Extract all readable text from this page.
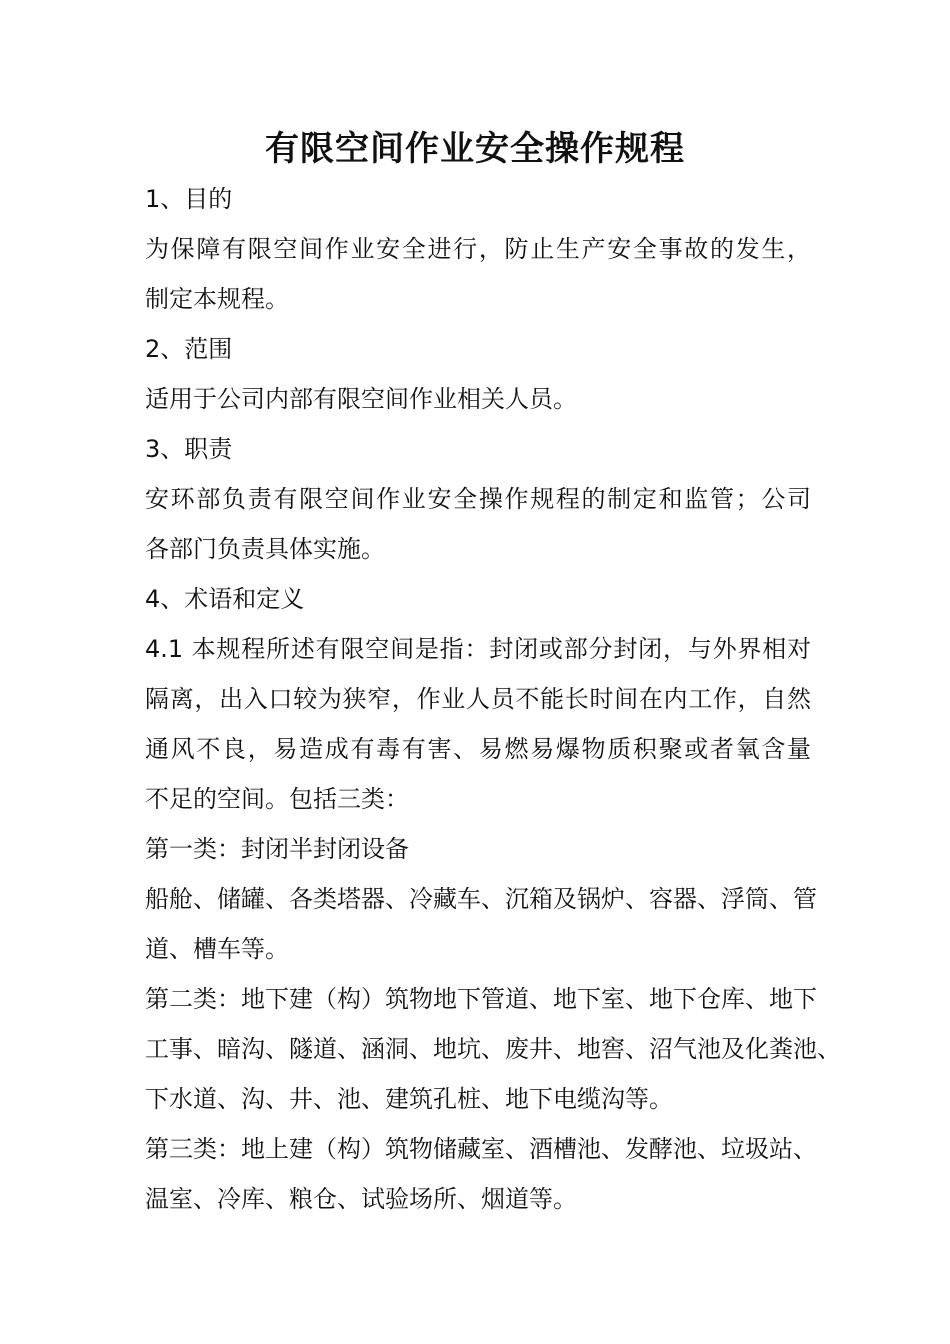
有限空间作业安全操作规程
1、目的
为保障有限空间作业安全进行，防止生产安全事故的发生，
制定本规程。
2、范围
适用于公司内部有限空间作业相关人员。
3、职责
安环部负责有限空间作业安全操作规程的制定和监管；公司
各部门负责具体实施。
4、术语和定义
4.1 本规程所述有限空间是指：封闭或部分封闭，与外界相对
隔离，出入口较为狭窄，作业人员不能长时间在内工作，自然
通风不良，易造成有毒有害、易燃易爆物质积聚或者氧含量
不足的空间。包括三类：
第一类：封闭半封闭设备
船舱、储罐、各类塔器、冷藏车、沉箱及锅炉、容器、浮筒、管
道、槽车等。
第二类：地下建（构）筑物地下管道、地下室、地下仓库、地下
工事、暗沟、隧道、涵洞、地坑、废井、地窖、沼气池及化粪池、
下水道、沟、井、池、建筑孔桩、地下电缆沟等。
第三类：地上建（构）筑物储藏室、酒槽池、发酵池、垃圾站、
温室、冷库、粮仓、试验场所、烟道等。
